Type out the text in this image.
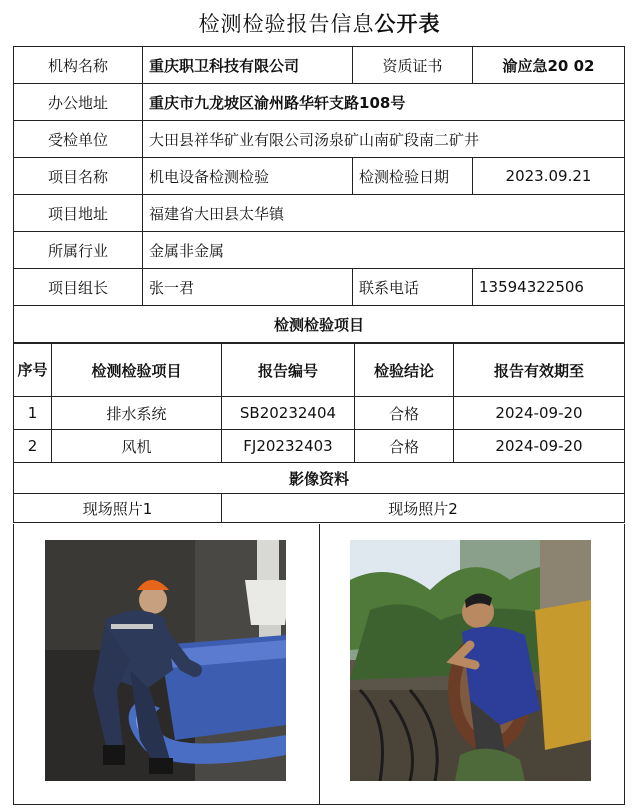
检测检验报告信息公开表
机构名称	重庆职卫科技有限公司	资质证书	渝应急20 02
办公地址	重庆市九龙坡区渝州路华轩支路108号		
受检单位	大田县祥华矿业有限公司汤泉矿山南矿段南二矿井		
项目名称	机电设备检测检验	检测检验日期	2023.09.21
项目地址	福建省大田县太华镇		
所属行业	金属非金属		
项目组长	张一君	联系电话	13594322506
检测检验项目			
序号	检测检验项目	报告编号	检验结论	报告有效期至
1	排水系统	SB20232404	合格	2024-09-20
2	风机	FJ20232403	合格	2024-09-20
影像资料				
现场照片1		现场照片2		
